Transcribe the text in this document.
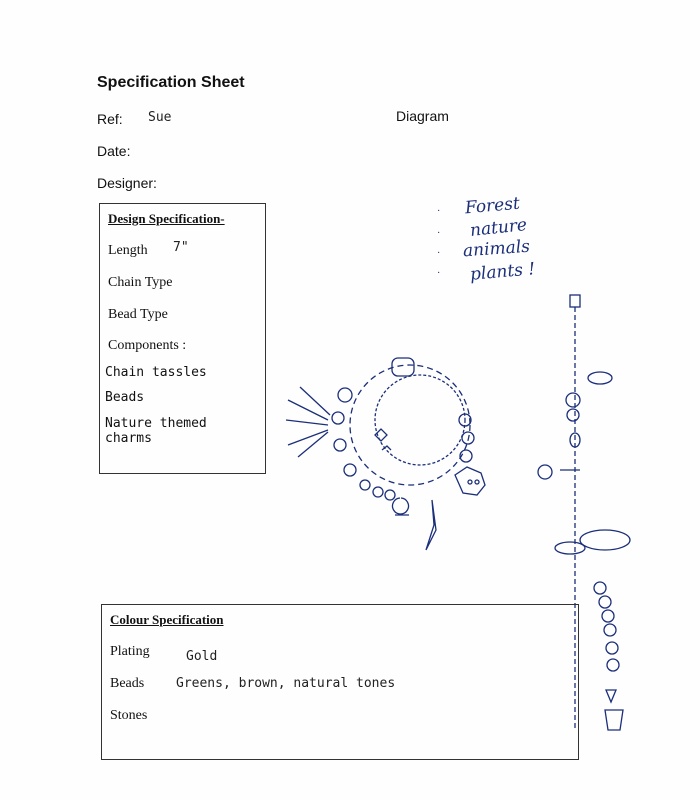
Specification Sheet
Ref: Sue	Diagram
Date:
Designer:
Design Specification-
Length 7"
Chain Type
Bead Type
Components :
Chain tassles
Beads
Nature themed
charms
·
·
·
·
Forest
nature
animals
plants !
Colour Specification
Plating	Gold
Beads Greens, brown, natural tones
Stones
